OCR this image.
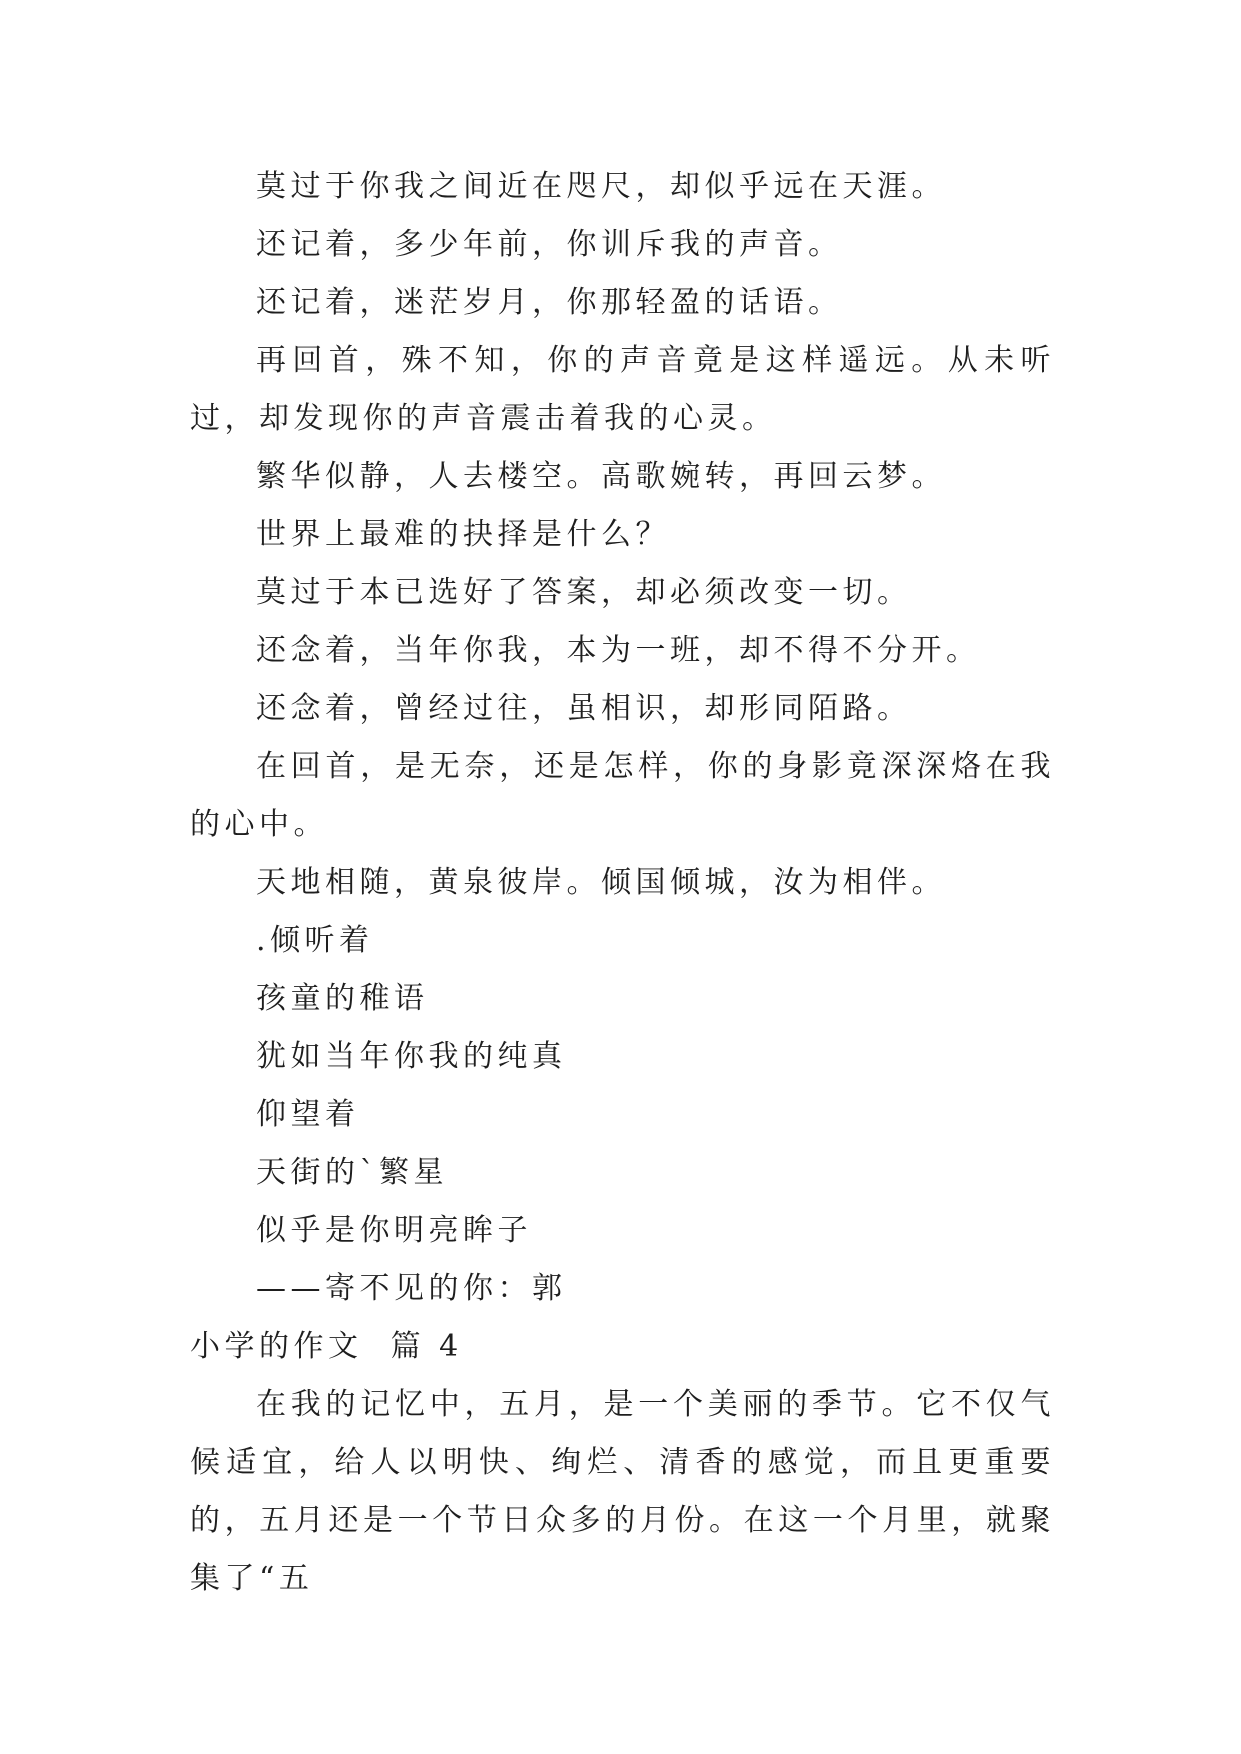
莫过于你我之间近在咫尺，却似乎远在天涯。

还记着，多少年前，你训斥我的声音。

还记着，迷茫岁月，你那轻盈的话语。

再回首，殊不知，你的声音竟是这样遥远。从未听过，却发现你的声音震击着我的心灵。

繁华似静，人去楼空。高歌婉转，再回云梦。

世界上最难的抉择是什么？

莫过于本已选好了答案，却必须改变一切。

还念着，当年你我，本为一班，却不得不分开。

还念着，曾经过往，虽相识，却形同陌路。

在回首，是无奈，还是怎样，你的身影竟深深烙在我的心中。

天地相随，黄泉彼岸。倾国倾城，汝为相伴。

.倾听着

孩童的稚语

犹如当年你我的纯真

仰望着

天街的`繁星

似乎是你明亮眸子

——寄不见的你：郭

小学的作文  篇 4

在我的记忆中，五月，是一个美丽的季节。它不仅气候适宜，给人以明快、绚烂、清香的感觉，而且更重要的，五月还是一个节日众多的月份。在这一个月里，就聚集了“五
